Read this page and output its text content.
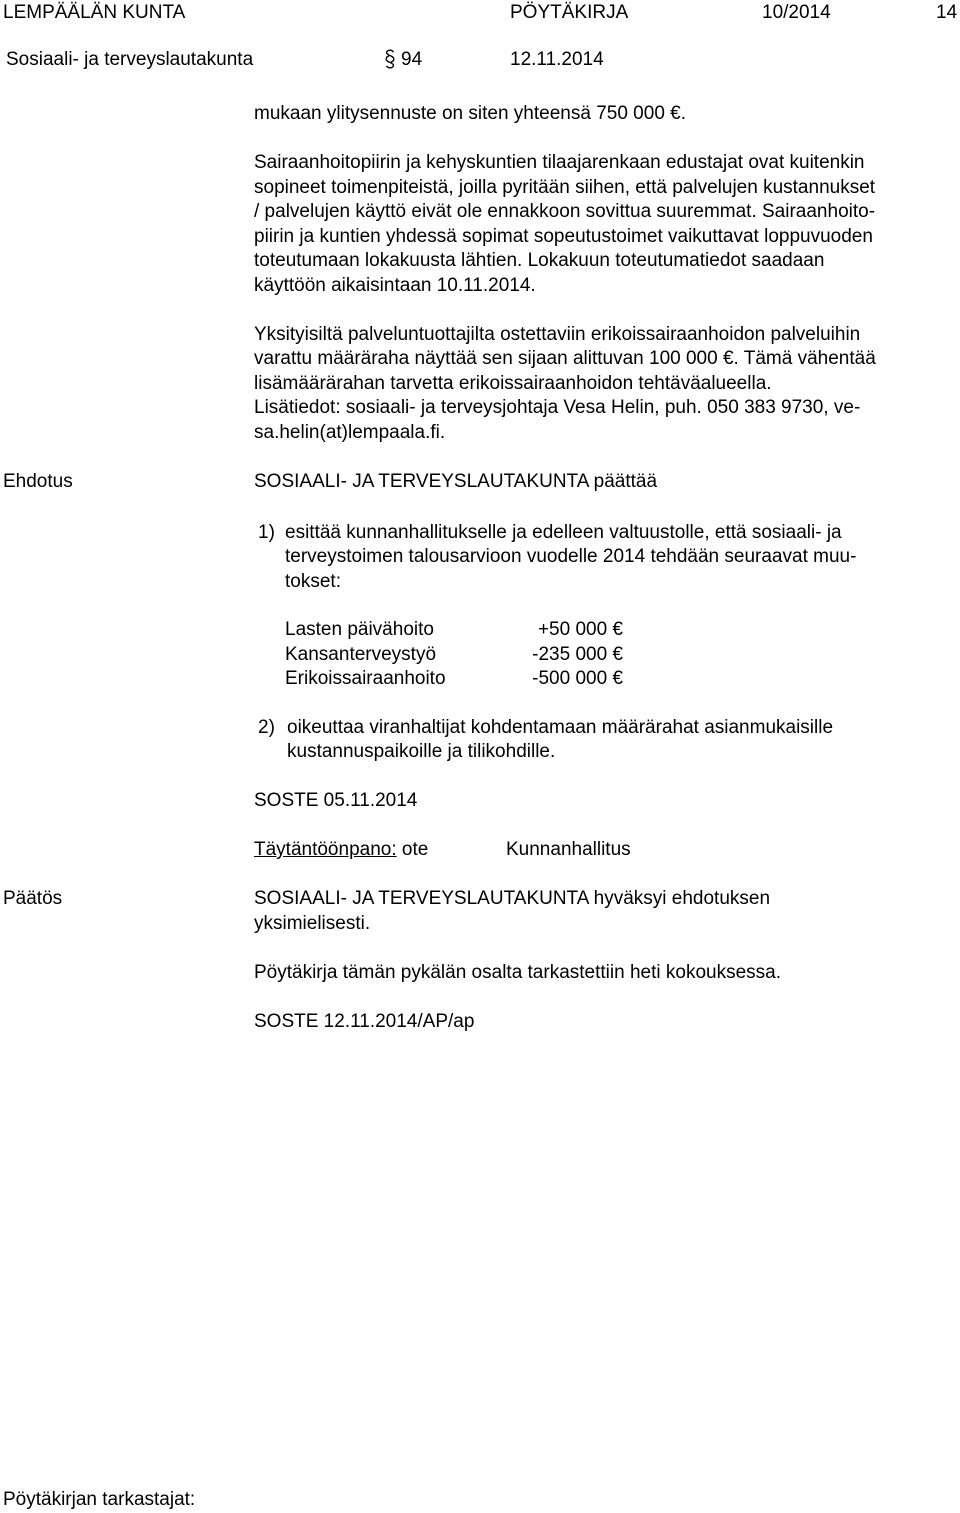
LEMPÄÄLÄN KUNTA	PÖYTÄKIRJA	10/2014	14
Sosiaali- ja terveyslautakunta	94	12.11.2014
mukaan ylitysennuste on siten yhteensä 750 000 €.
Sairaanhoitopiirin ja kehyskuntien tilaajarenkaan edustajat ovat kuitenkin
sopineet toimenpiteistä, joilla pyritään siihen, että palvelujen kustannukset
/ palvelujen käyttö eivät ole ennakkoon sovittua suuremmat. Sairaanhoito-
piirin ja kuntien yhdessä sopimat sopeutustoimet vaikuttavat loppuvuoden
toteutumaan lokakuusta lähtien. Lokakuun toteutumatiedot saadaan
käyttöön aikaisintaan 10.11.2014.
Yksityisiltä palveluntuottajilta ostettaviin erikoissairaanhoidon palveluihin
varattu määräraha näyttää sen sijaan alittuvan 100 000 €. Tämä vähentää
lisämäärärahan tarvetta erikoissairaanhoidon tehtäväalueella.
Lisätiedot: sosiaali- ja terveysjohtaja Vesa Helin, puh. 050 383 9730, ve-
sa.helin(at)lempaala.fi.
Ehdotus	SOSIAALI- JA TERVEYSLAUTAKUNTA päättää
1) esittää kunnanhallitukselle ja edelleen valtuustolle, että sosiaali- ja
terveystoimen talousarvioon vuodelle 2014 tehdään seuraavat muu-
tokset:
Lasten päivähoito	+50 000 €
Kansanterveystyö	-235 000 €
Erikoissairaanhoito	-500 000 €
2) oikeuttaa viranhaltijat kohdentamaan määrärahat asianmukaisille
kustannuspaikoille ja tilikohdille.
SOSTE 05.11.2014
Täytäntöönpano: ote	Kunnanhallitus
Päätös	SOSIAALI- JA TERVEYSLAUTAKUNTA hyväksyi ehdotuksen
yksimielisesti.
Pöytäkirja tämän pykälän osalta tarkastettiin heti kokouksessa.
SOSTE 12.11.2014/AP/ap
Pöytäkirjan tarkastajat:
